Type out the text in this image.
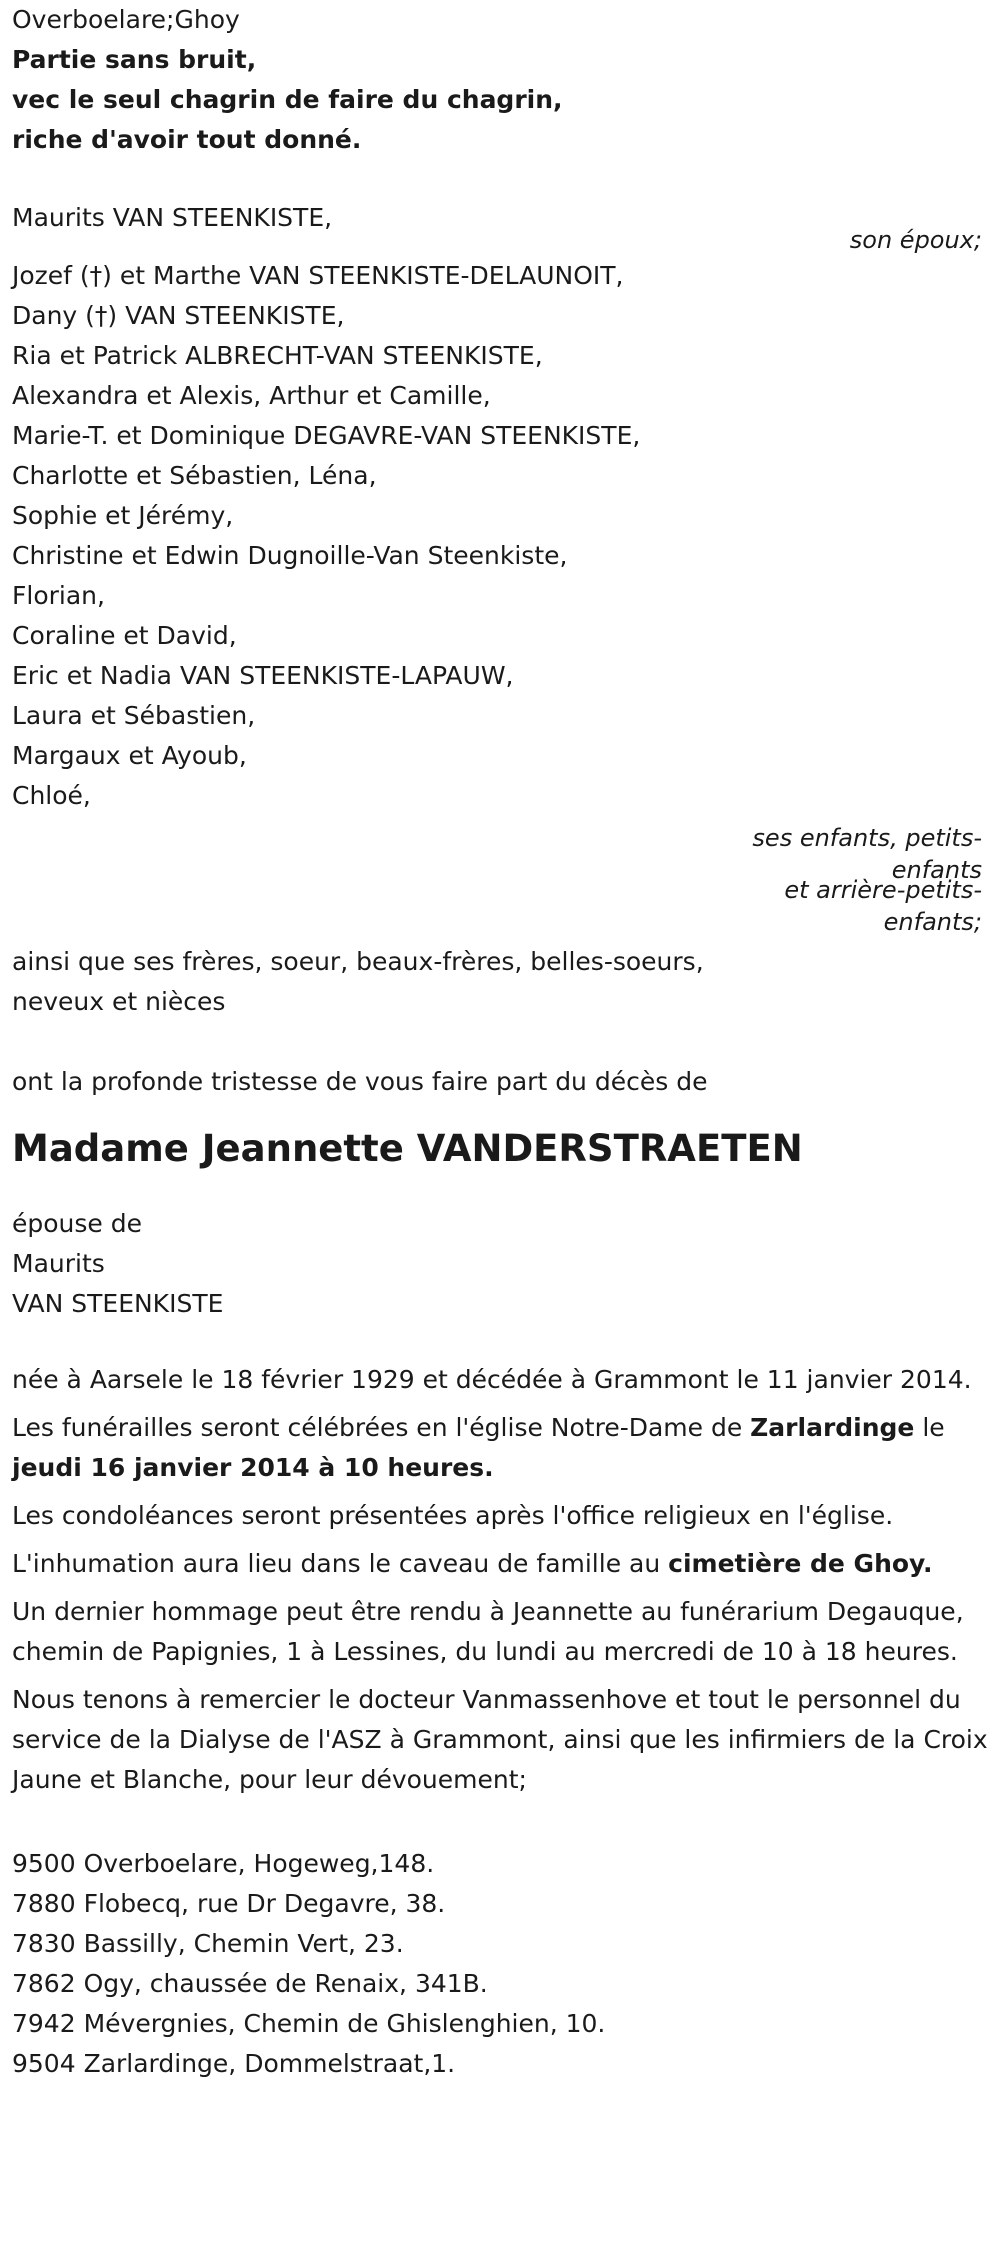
Overboelare;Ghoy
Partie sans bruit,
vec le seul chagrin de faire du chagrin,
riche d'avoir tout donné.
Maurits VAN STEENKISTE,
son époux;
Jozef (†) et Marthe VAN STEENKISTE-DELAUNOIT,
Dany (†) VAN STEENKISTE,
Ria et Patrick ALBRECHT-VAN STEENKISTE,
Alexandra et Alexis, Arthur et Camille,
Marie-T. et Dominique DEGAVRE-VAN STEENKISTE,
Charlotte et Sébastien, Léna,
Sophie et Jérémy,
Christine et Edwin Dugnoille-Van Steenkiste,
Florian,
Coraline et David,
Eric et Nadia VAN STEENKISTE-LAPAUW,
Laura et Sébastien,
Margaux et Ayoub,
Chloé,
ses enfants, petits-
enfants
et arrière-petits-
enfants;
ainsi que ses frères, soeur, beaux-frères, belles-soeurs,
neveux et nièces
ont la profonde tristesse de vous faire part du décès de
Madame Jeannette VANDERSTRAETEN
épouse de
Maurits
VAN STEENKISTE

née à Aarsele le 18 février 1929 et décédée à Grammont le 11 janvier 2014.

Les funérailles seront célébrées en l'église Notre-Dame de Zarlardinge le jeudi 16 janvier 2014 à 10 heures.

Les condoléances seront présentées après l'office religieux en l'église.

L'inhumation aura lieu dans le caveau de famille au cimetière de Ghoy.

Un dernier hommage peut être rendu à Jeannette au funérarium Degauque, chemin de Papignies, 1 à Lessines, du lundi au mercredi de 10 à 18 heures.

Nous tenons à remercier le docteur Vanmassenhove et tout le personnel du service de la Dialyse de l'ASZ à Grammont, ainsi que les infirmiers de la Croix Jaune et Blanche, pour leur dévouement;

9500 Overboelare, Hogeweg,148.
7880 Flobecq, rue Dr Degavre, 38.
7830 Bassilly, Chemin Vert, 23.
7862 Ogy, chaussée de Renaix, 341B.
7942 Mévergnies, Chemin de Ghislenghien, 10.
9504 Zarlardinge, Dommelstraat,1.
